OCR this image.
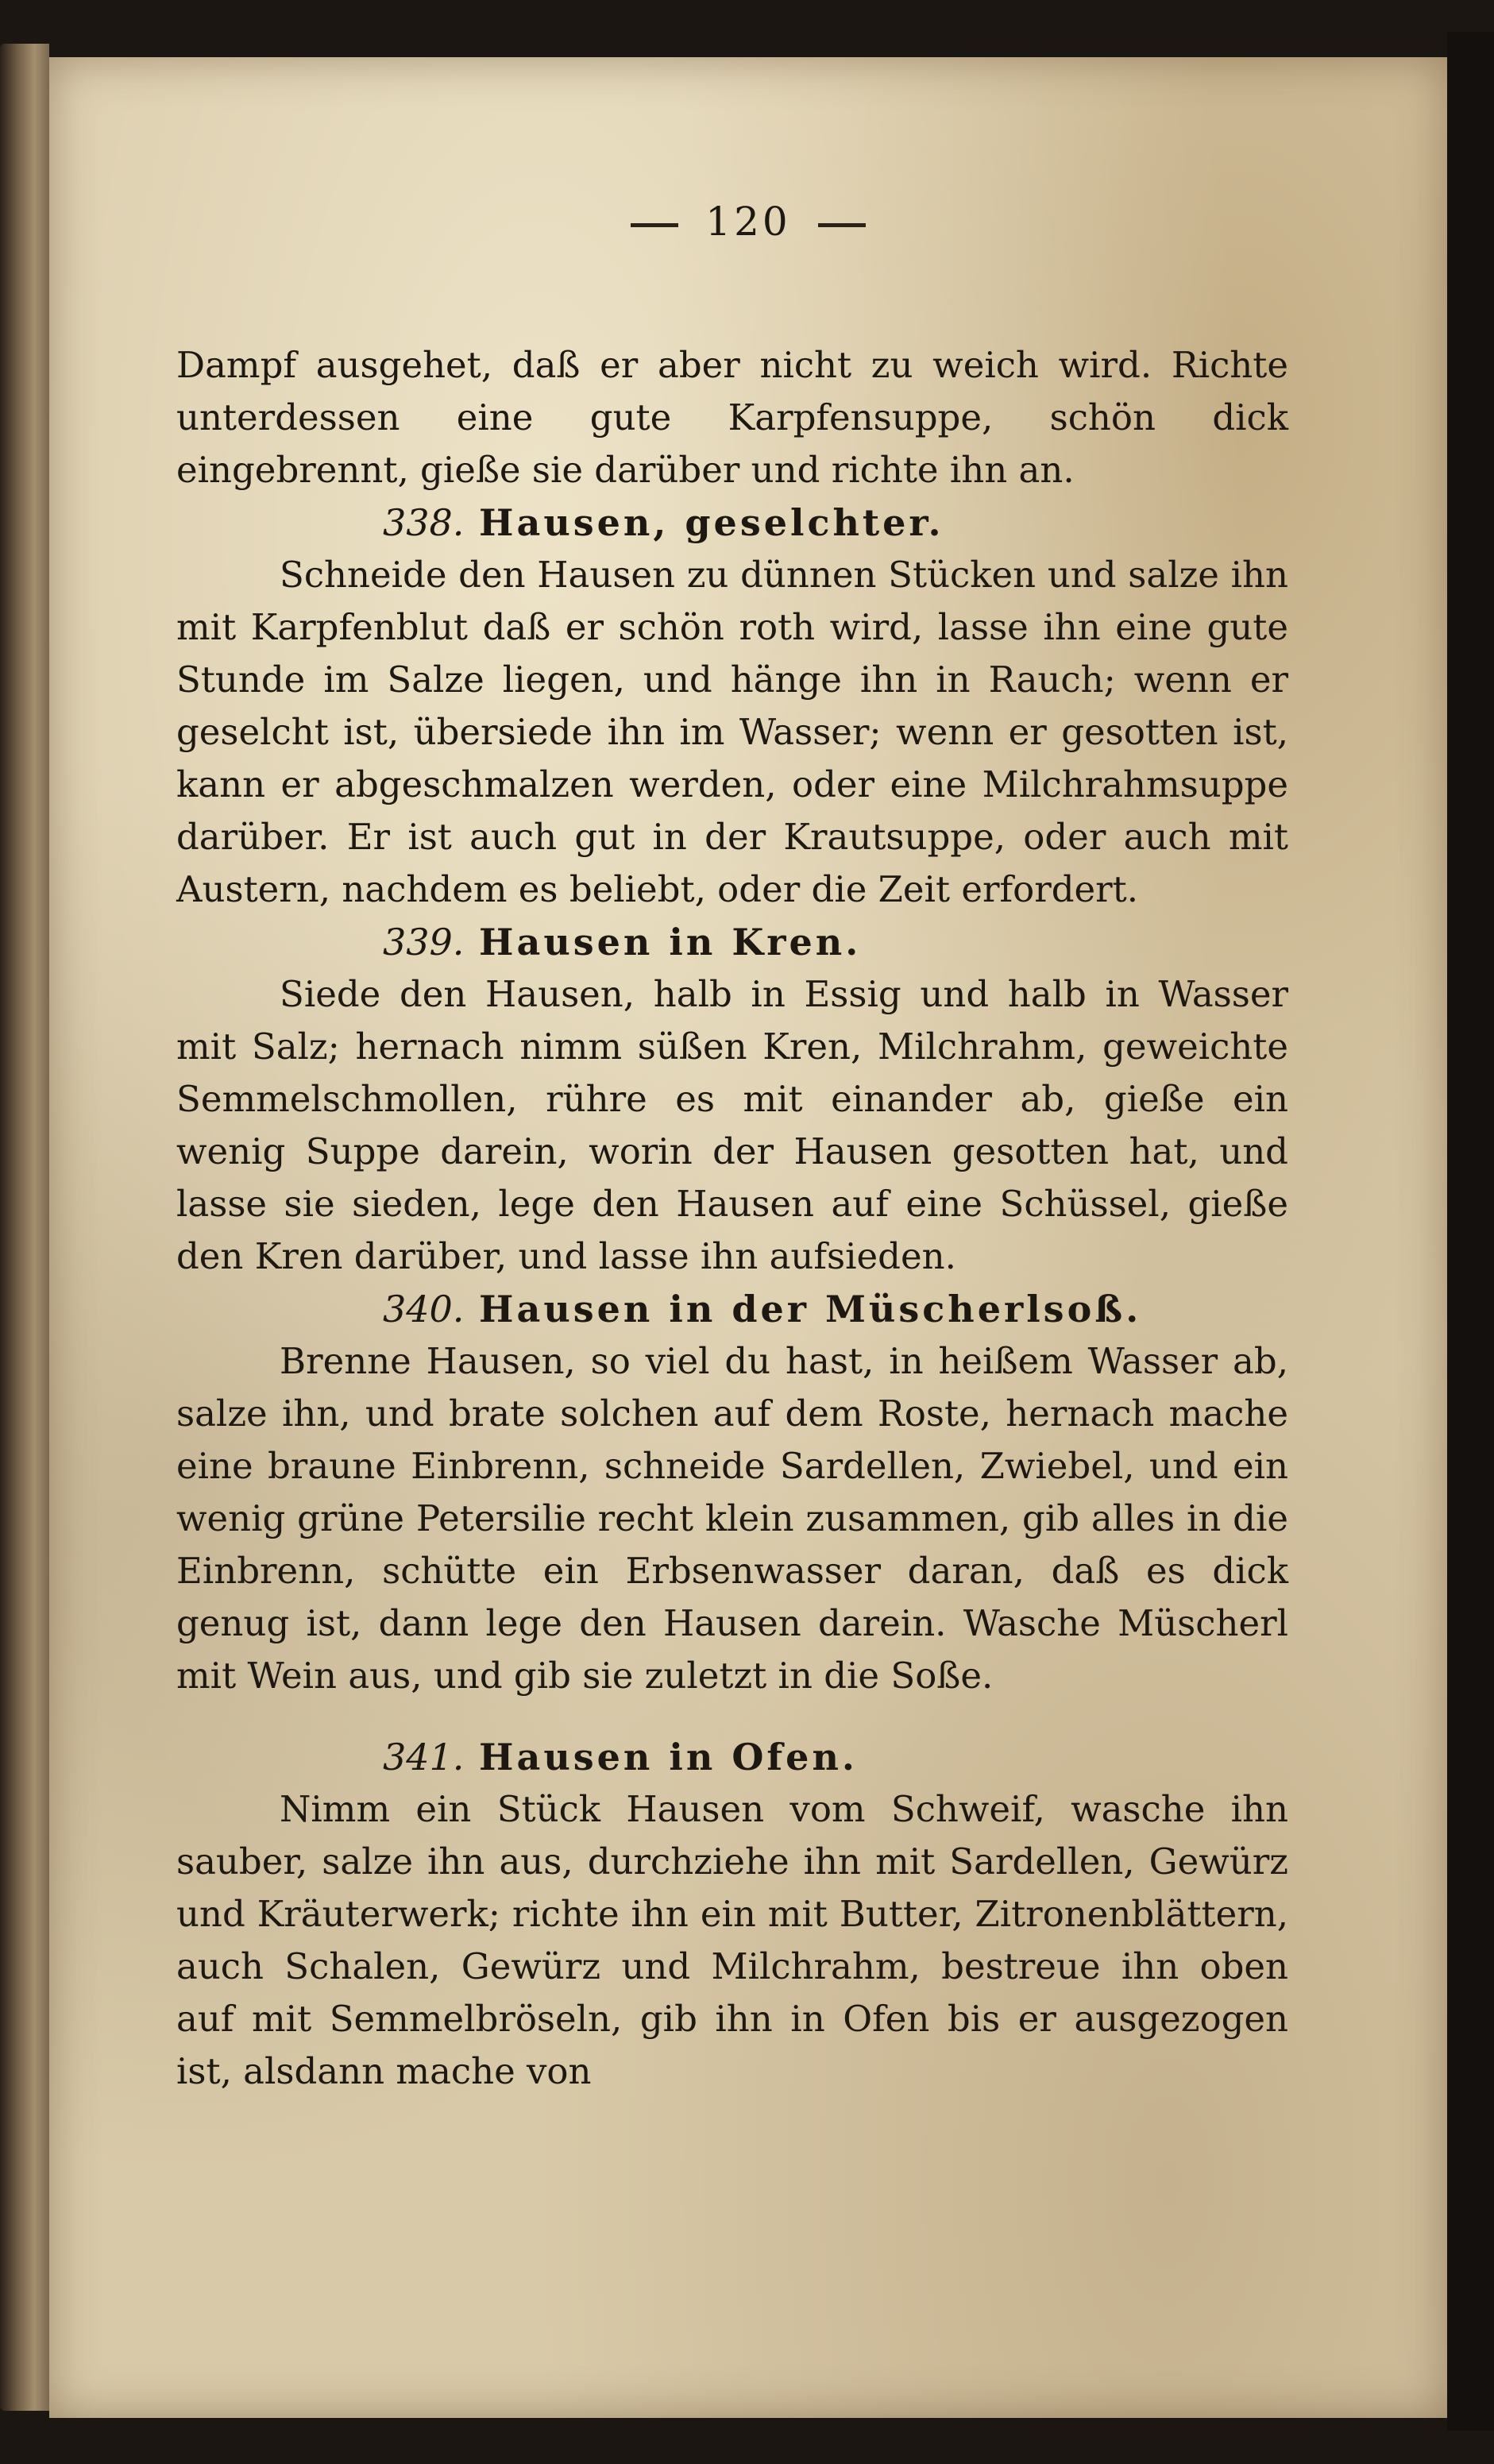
120

Dampf ausgehet, daß er aber nicht zu weich wird. Richte unterdessen eine gute Karpfensuppe, schön dick eingebrennt, gieße sie darüber und richte ihn an.

338. Hausen, geselchter.

Schneide den Hausen zu dünnen Stücken und salze ihn mit Karpfenblut daß er schön roth wird, lasse ihn eine gute Stunde im Salze liegen, und hänge ihn in Rauch; wenn er geselcht ist, übersiede ihn im Wasser; wenn er gesotten ist, kann er abgeschmalzen werden, oder eine Milchrahmsuppe darüber. Er ist auch gut in der Krautsuppe, oder auch mit Austern, nachdem es beliebt, oder die Zeit erfordert.

339. Hausen in Kren.

Siede den Hausen, halb in Essig und halb in Wasser mit Salz; hernach nimm süßen Kren, Milchrahm, geweichte Semmelschmollen, rühre es mit einander ab, gieße ein wenig Suppe darein, worin der Hausen gesotten hat, und lasse sie sieden, lege den Hausen auf eine Schüssel, gieße den Kren darüber, und lasse ihn aufsieden.

340. Hausen in der Müscherlsoß.

Brenne Hausen, so viel du hast, in heißem Wasser ab, salze ihn, und brate solchen auf dem Roste, hernach mache eine braune Einbrenn, schneide Sardellen, Zwiebel, und ein wenig grüne Petersilie recht klein zusammen, gib alles in die Einbrenn, schütte ein Erbsenwasser daran, daß es dick genug ist, dann lege den Hausen darein. Wasche Müscherl mit Wein aus, und gib sie zuletzt in die Soße.

341. Hausen in Ofen.

Nimm ein Stück Hausen vom Schweif, wasche ihn sauber, salze ihn aus, durchziehe ihn mit Sardellen, Gewürz und Kräuterwerk; richte ihn ein mit Butter, Zitronenblättern, auch Schalen, Gewürz und Milchrahm, bestreue ihn oben auf mit Semmelbröseln, gib ihn in Ofen bis er ausgezogen ist, alsdann mache von
